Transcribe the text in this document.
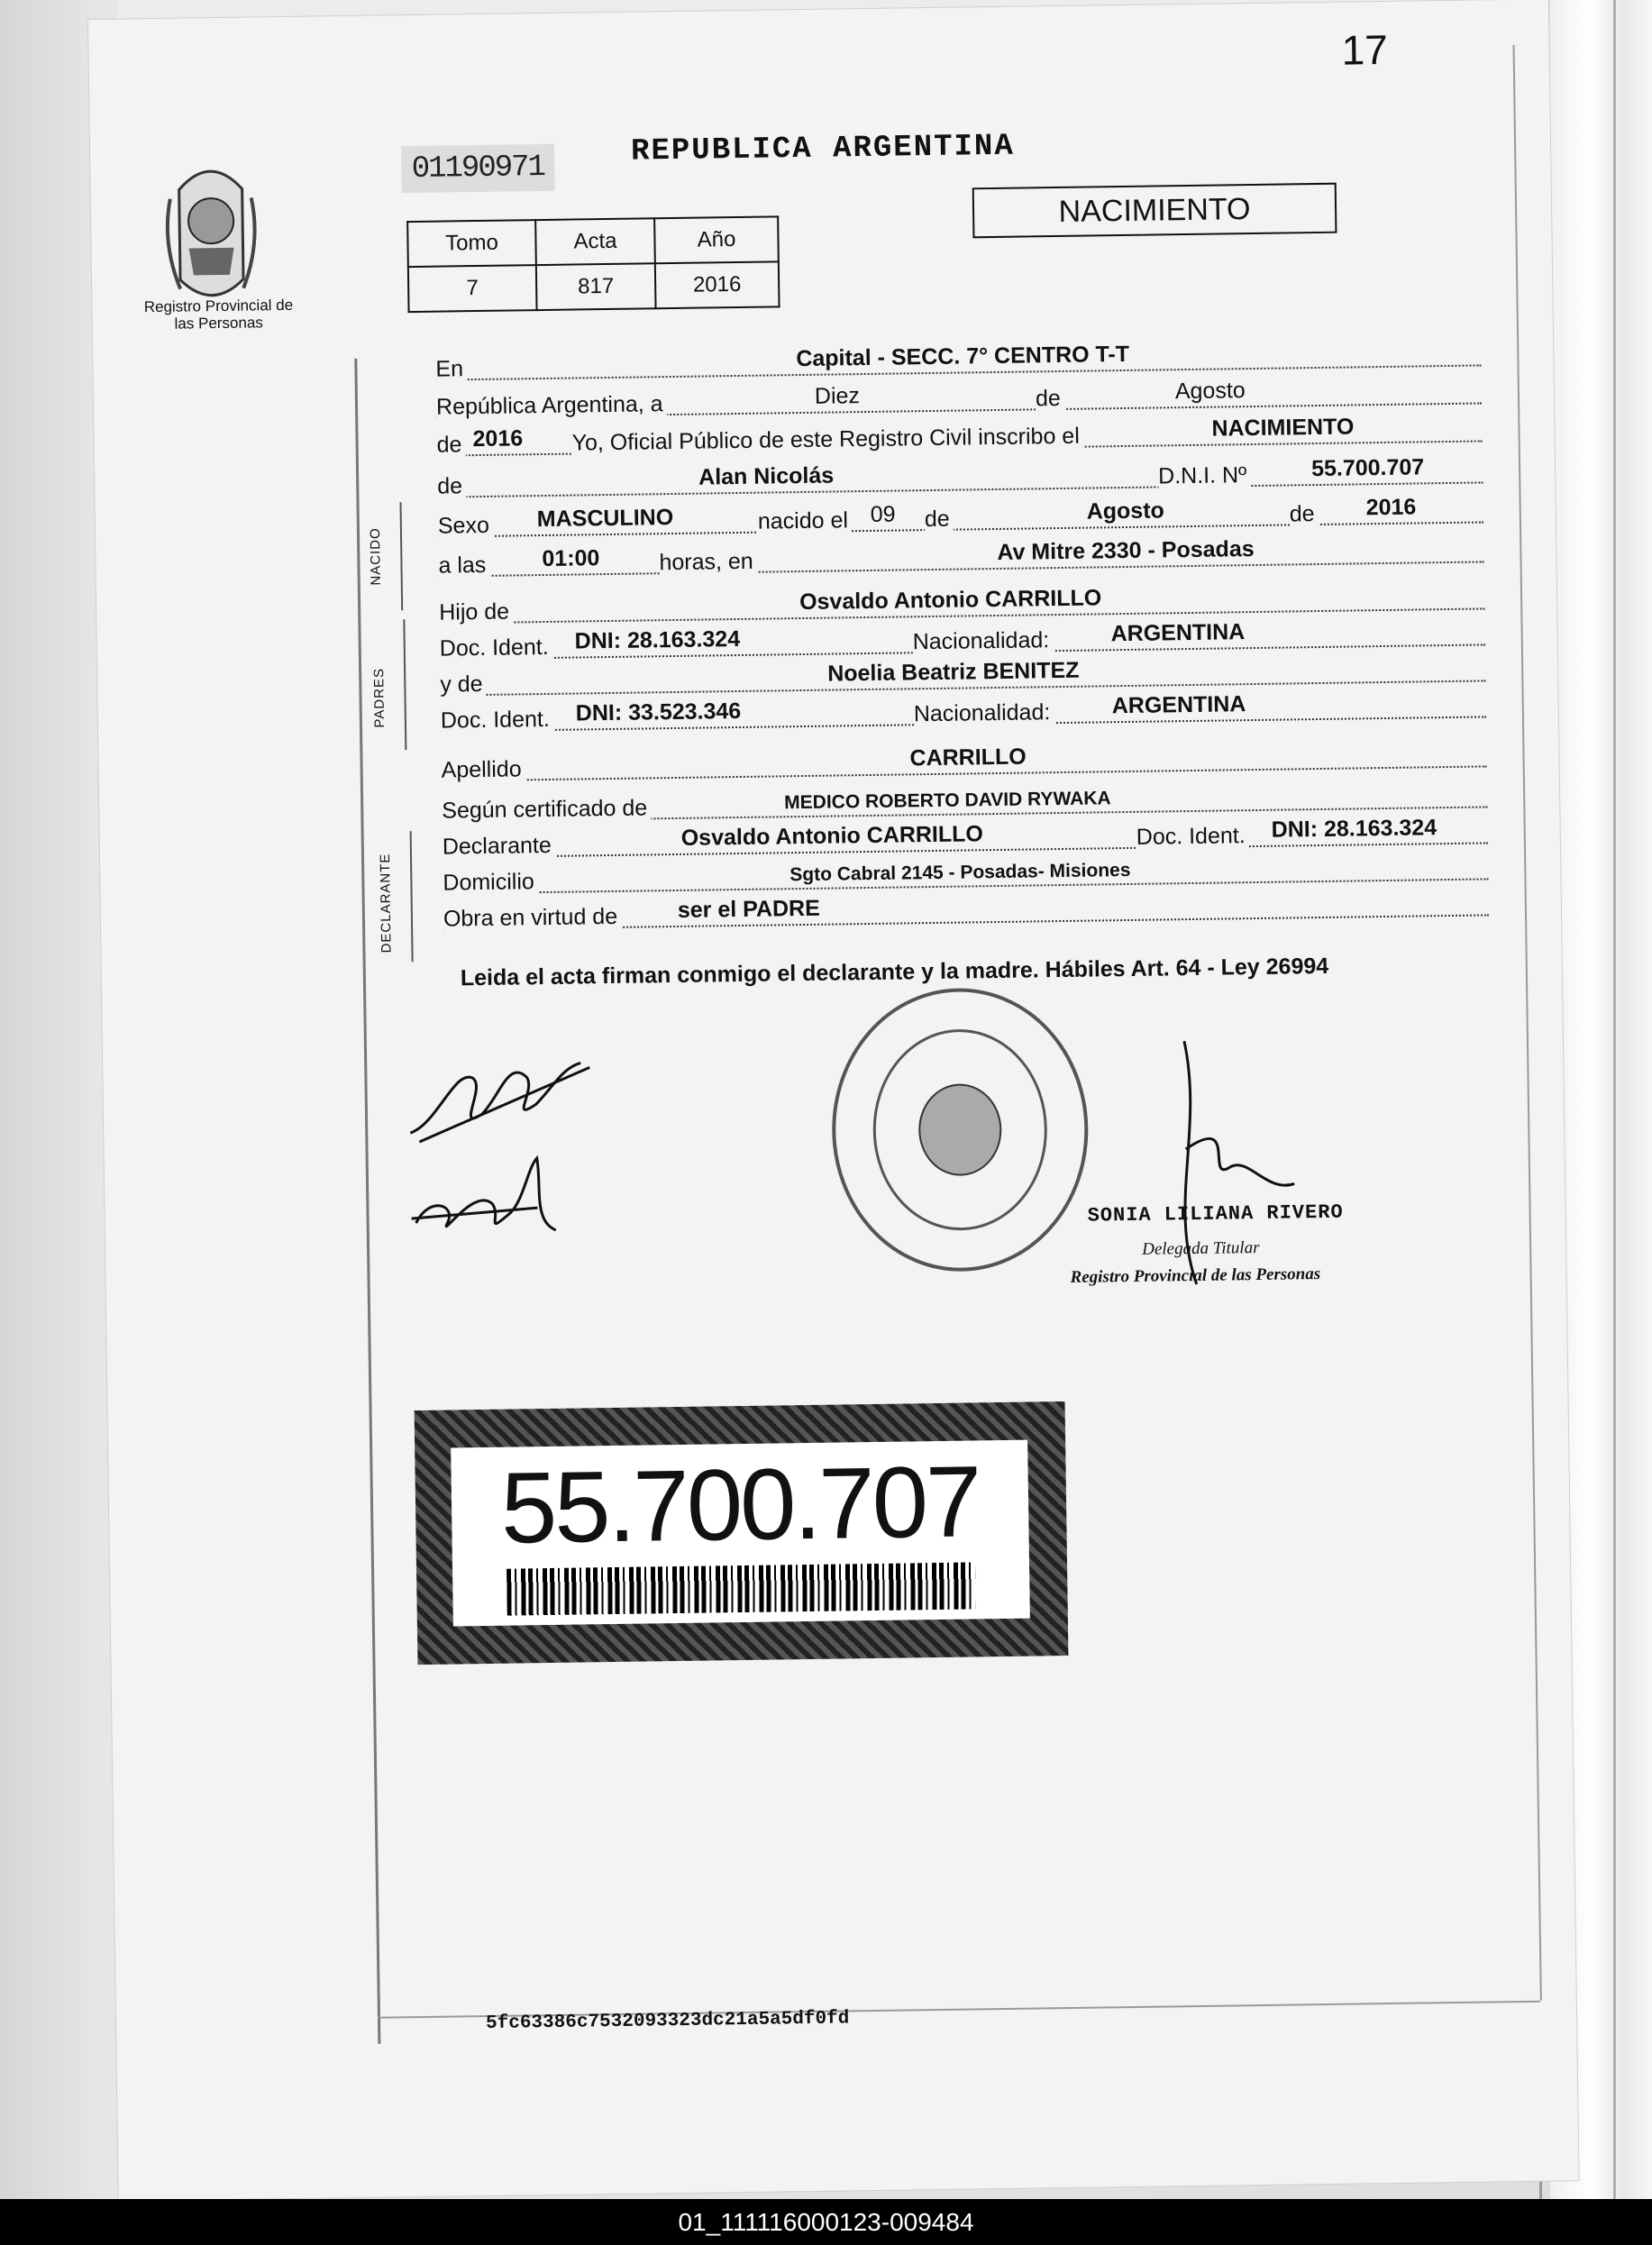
17
Registro Provincial de las Personas
01190971	REPUBLICA ARGENTINA
Tomo	Acta	Año
7	817	2016
NACIMIENTO
En	Capital - SECC. 7° CENTRO T-T
República Argentina, a	Diez	de	Agosto
de 2016 Yo, Oficial Público de este Registro Civil inscribo el	NACIMIENTO
NACIDO
de	Alan Nicolás	D.N.I. Nº	55.700.707
Sexo MASCULINO	nacido el 09 de	Agosto	de 2016
a las 01:00	horas, en	Av Mitre 2330 - Posadas
PADRES
Hijo de	Osvaldo Antonio CARRILLO
Doc. Ident. DNI: 28.163.324	Nacionalidad:	ARGENTINA
y de	Noelia Beatriz BENITEZ
Doc. Ident. DNI: 33.523.346	Nacionalidad:	ARGENTINA
Apellido	CARRILLO
DECLARANTE
Según certificado de	MEDICO ROBERTO DAVID RYWAKA
Declarante	Osvaldo Antonio CARRILLO	Doc. Ident. DNI: 28.163.324
Domicilio	Sgto Cabral 2145 - Posadas- Misiones
Obra en virtud de	ser el PADRE
Leida el acta firman conmigo el declarante y la madre. Hábiles Art. 64 - Ley 26994
SONIA LILIANA RIVERO
Delegada Titular
Registro Provincial de las Personas
55.700.707
5fc63386c7532093323dc21a5a5df0fd
01_111116000123-009484
